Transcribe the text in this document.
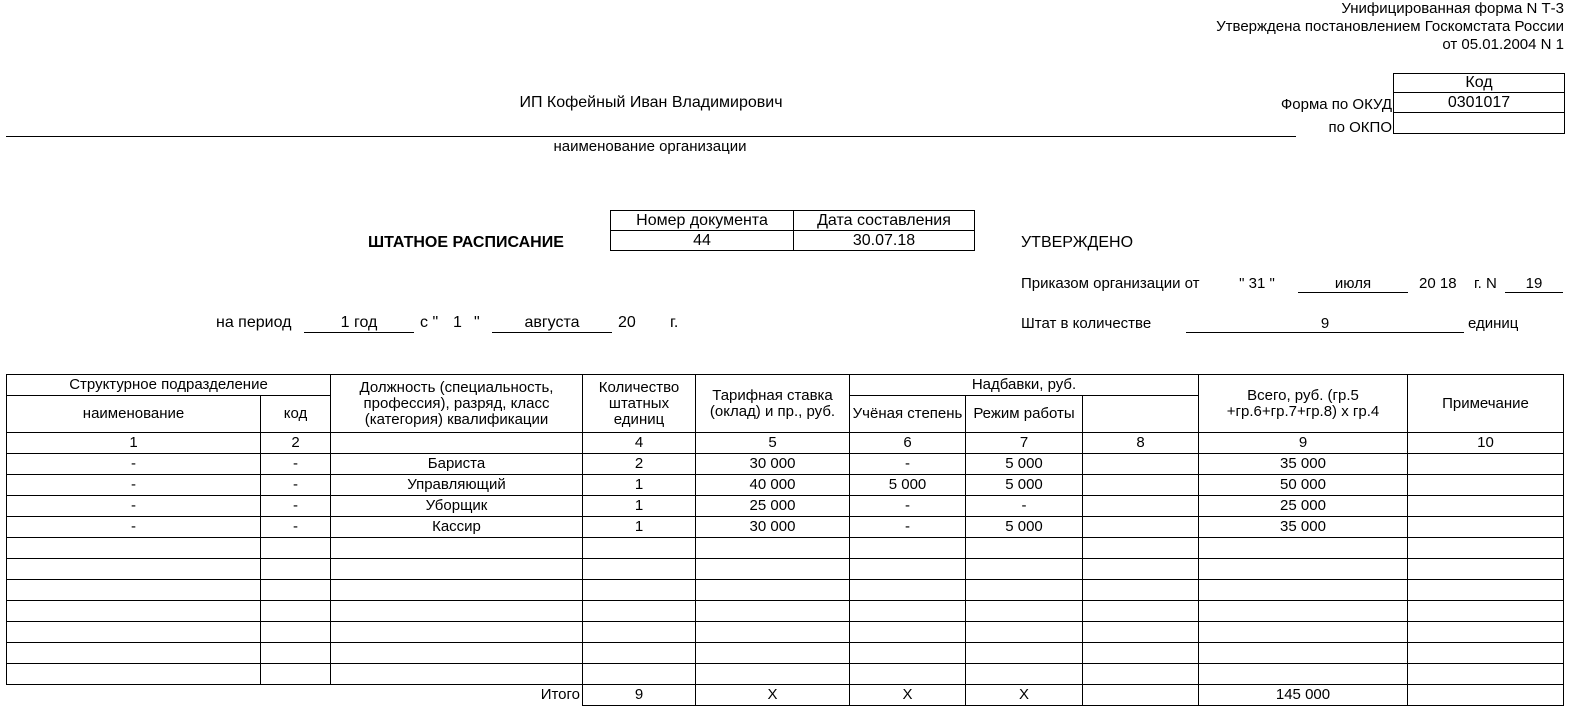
Унифицированная форма N Т-3
Утверждена постановлением Госкомстата России
от 05.01.2004 N 1
Код
0301017

Форма по ОКУД
по ОКПО
ИП Кофейный Иван Владимирович
наименование организации
ШТАТНОЕ РАСПИСАНИЕ
Номер документа	Дата составления
44	30.07.18	УТВЕРЖДЕНО
Приказом организации от	" 31 "	июля	20 18 г. N	19
Штат в количестве	9	единиц
на период	1 год	с " 1 "	августа	20 г.
Структурное подразделение		Должность (специальность, профессия), разряд, класс (категория) квалификации	Количество штатных единиц	Тарифная ставка (оклад) и пр., руб.	Надбавки, руб.			Всего, руб. (гр.5 +гр.6+гр.7+гр.8) х гр.4	Примечание
наименование	код				Учёная степень	Режим работы			
1	2		4	5	6	7	8	9	10
-	-	Бариста	2	30 000	-	5 000		35 000	
-	-	Управляющий	1	40 000	5 000	5 000		50 000	
-	-	Уборщик	1	25 000	-	-		25 000	
-	-	Кассир	1	30 000	-	5 000		35 000	

Итого			9	Х	Х	Х		145 000	
